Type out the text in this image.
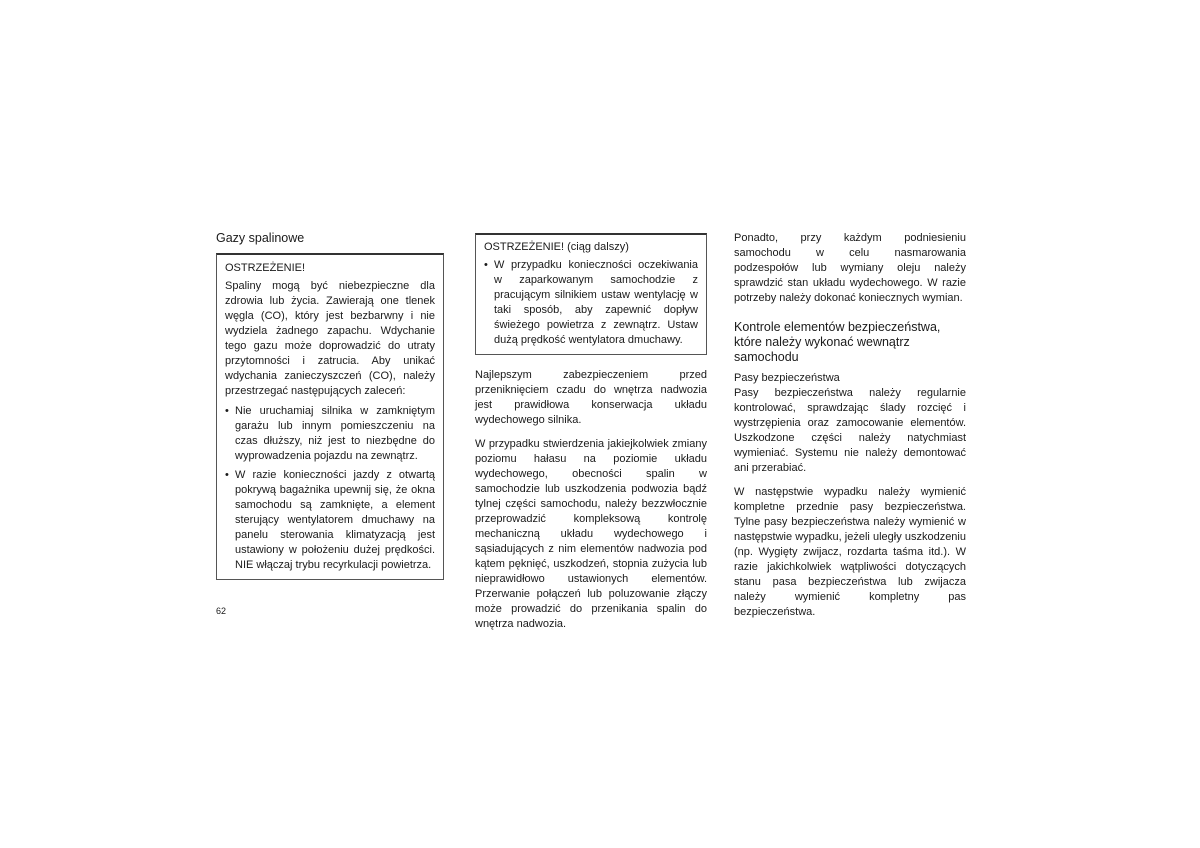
Gazy spalinowe
OSTRZEŻENIE!

Spaliny mogą być niebezpieczne dla zdrowia lub życia. Zawierają one tlenek węgla (CO), który jest bezbarwny i nie wydziela żadnego zapachu. Wdychanie tego gazu może doprowadzić do utraty przytomności i zatrucia. Aby unikać wdychania zanieczyszczeń (CO), należy przestrzegać następujących zaleceń:

• Nie uruchamiaj silnika w zamkniętym garażu lub innym pomieszczeniu na czas dłuższy, niż jest to niezbędne do wyprowadzenia pojazdu na zewnątrz.
• W razie konieczności jazdy z otwartą pokrywą bagażnika upewnij się, że okna samochodu są zamknięte, a element sterujący wentylatorem dmuchawy na panelu sterowania klimatyzacją jest ustawiony w położeniu dużej prędkości. NIE włączaj trybu recyrkulacji powietrza.
OSTRZEŻENIE! (ciąg dalszy)
• W przypadku konieczności oczekiwania w zaparkowanym samochodzie z pracującym silnikiem ustaw wentylację w taki sposób, aby zapewnić dopływ świeżego powietrza z zewnątrz. Ustaw dużą prędkość wentylatora dmuchawy.

Najlepszym zabezpieczeniem przed przeniknięciem czadu do wnętrza nadwozia jest prawidłowa konserwacja układu wydechowego silnika.

W przypadku stwierdzenia jakiejkolwiek zmiany poziomu hałasu na poziomie układu wydechowego, obecności spalin w samochodzie lub uszkodzenia podwozia bądź tylnej części samochodu, należy bezzwłocznie przeprowadzić kompleksową kontrolę mechaniczną układu wydechowego i sąsiadujących z nim elementów nadwozia pod kątem pęknięć, uszkodzeń, stopnia zużycia lub nieprawidłowo ustawionych elementów. Przerwanie połączeń lub poluzowanie złączy może prowadzić do przenikania spalin do wnętrza nadwozia.

Ponadto, przy każdym podniesieniu samochodu w celu nasmarowania podzespołów lub wymiany oleju należy sprawdzić stan układu wydechowego. W razie potrzeby należy dokonać koniecznych wymian.

Kontrole elementów bezpieczeństwa, które należy wykonać wewnątrz samochodu
Pasy bezpieczeństwa

Pasy bezpieczeństwa należy regularnie kontrolować, sprawdzając ślady rozcięć i wystrzępienia oraz zamocowanie elementów. Uszkodzone części należy natychmiast wymieniać. Systemu nie należy demontować ani przerabiać.

W następstwie wypadku należy wymienić kompletne przednie pasy bezpieczeństwa. Tylne pasy bezpieczeństwa należy wymienić w następstwie wypadku, jeżeli uległy uszkodzeniu (np. Wygięty zwijacz, rozdarta taśma itd.). W razie jakichkolwiek wątpliwości dotyczących stanu pasa bezpieczeństwa lub zwijacza należy wymienić kompletny pas bezpieczeństwa.

62
